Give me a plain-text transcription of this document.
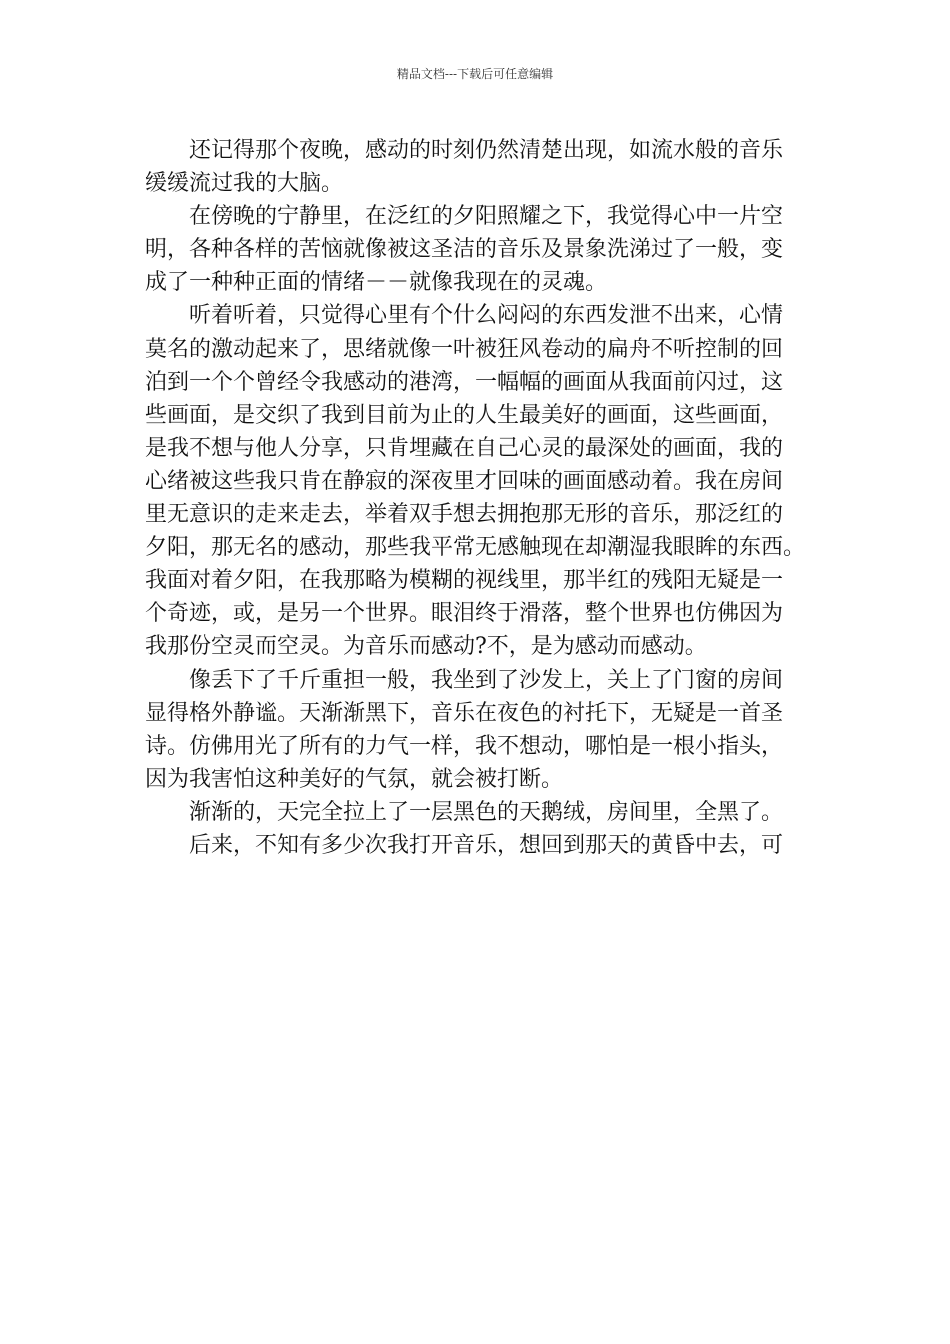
精品文档---下载后可任意编辑
还记得那个夜晚，感动的时刻仍然清楚出现，如流水般的音乐
缓缓流过我的大脑。
在傍晚的宁静里，在泛红的夕阳照耀之下，我觉得心中一片空
明，各种各样的苦恼就像被这圣洁的音乐及景象洗涕过了一般，变
成了一种种正面的情绪－－就像我现在的灵魂。
听着听着，只觉得心里有个什么闷闷的东西发泄不出来，心情
莫名的激动起来了，思绪就像一叶被狂风卷动的扁舟不听控制的回
泊到一个个曾经令我感动的港湾，一幅幅的画面从我面前闪过，这
些画面，是交织了我到目前为止的人生最美好的画面，这些画面，
是我不想与他人分享，只肯埋藏在自己心灵的最深处的画面，我的
心绪被这些我只肯在静寂的深夜里才回味的画面感动着。我在房间
里无意识的走来走去，举着双手想去拥抱那无形的音乐，那泛红的
夕阳，那无名的感动，那些我平常无感触现在却潮湿我眼眸的东西。
我面对着夕阳，在我那略为模糊的视线里，那半红的残阳无疑是一
个奇迹，或，是另一个世界。眼泪终于滑落，整个世界也仿佛因为
我那份空灵而空灵。为音乐而感动?不，是为感动而感动。
像丢下了千斤重担一般，我坐到了沙发上，关上了门窗的房间
显得格外静谧。天渐渐黑下，音乐在夜色的衬托下，无疑是一首圣
诗。仿佛用光了所有的力气一样，我不想动，哪怕是一根小指头，
因为我害怕这种美好的气氛，就会被打断。
渐渐的，天完全拉上了一层黑色的天鹅绒，房间里，全黑了。
后来，不知有多少次我打开音乐，想回到那天的黄昏中去，可
